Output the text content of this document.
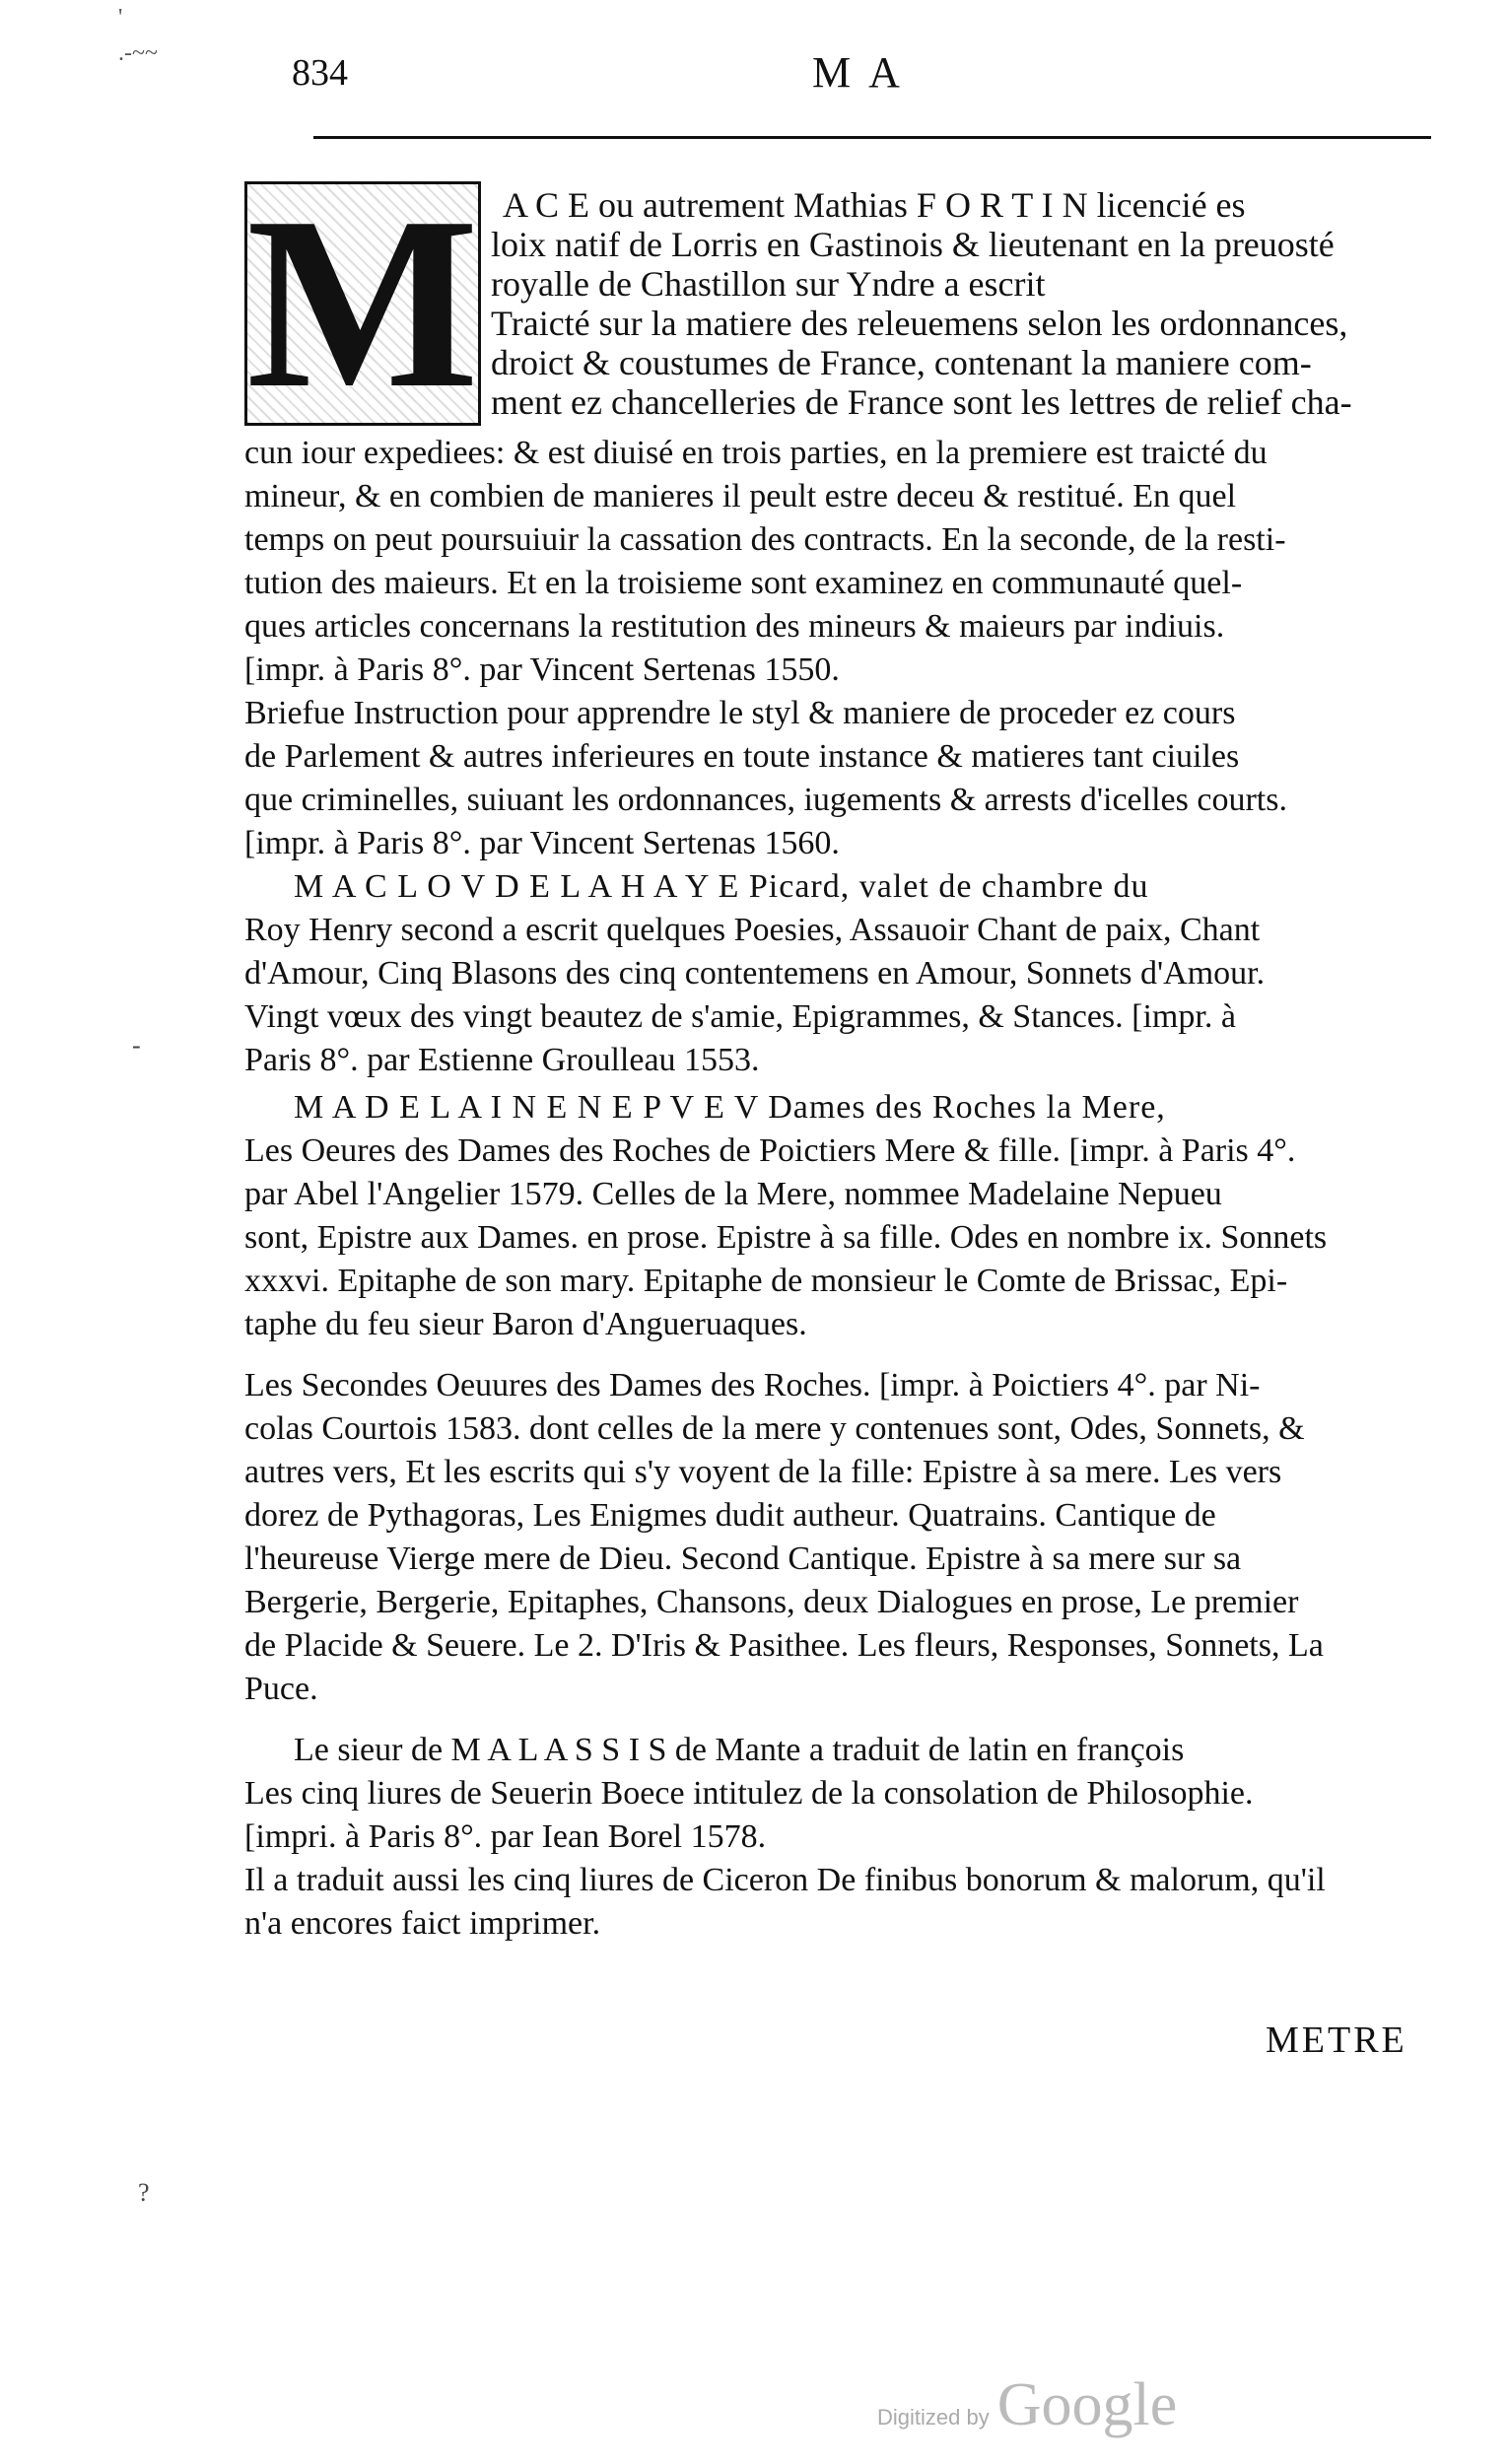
'
.-~~	834	MA
M A C E ou autrement Mathias F O R T I N licencié es
loix natif de Lorris en Gastinois & lieutenant en la preuosté
royalle de Chastillon sur Yndre a escrit
Traicté sur la matiere des releuemens selon les ordonnances,
droict & coustumes de France, contenant la maniere com-
ment ez chancelleries de France sont les lettres de relief cha-
cun iour expediees: & est diuisé en trois parties, en la premiere est traicté du
mineur, & en combien de manieres il peult estre deceu & restitué. En quel
temps on peut poursuiuir la cassation des contracts. En la seconde, de la resti-
tution des maieurs. Et en la troisieme sont examinez en communauté quel-
ques articles concernans la restitution des mineurs & maieurs par indiuis.
[impr. à Paris 8°. par Vincent Sertenas 1550.
Briefue Instruction pour apprendre le styl & maniere de proceder ez cours
de Parlement & autres inferieures en toute instance & matieres tant ciuiles
que criminelles, suiuant les ordonnances, iugements & arrests d'icelles courts.
[impr. à Paris 8°. par Vincent Sertenas 1560.
M A C L O V D E L A H A Y E Picard, valet de chambre du
Roy Henry second a escrit quelques Poesies, Assauoir Chant de paix, Chant
d'Amour, Cinq Blasons des cinq contentemens en Amour, Sonnets d'Amour.
Vingt vœux des vingt beautez de s'amie, Epigrammes, & Stances. [impr. à
Paris 8°. par Estienne Groulleau 1553.
M A D E L A I N E N E P V E V Dames des Roches la Mere,
Les Oeures des Dames des Roches de Poictiers Mere & fille. [impr. à Paris 4°.
par Abel l'Angelier 1579. Celles de la Mere, nommee Madelaine Nepueu
sont, Epistre aux Dames. en prose. Epistre à sa fille. Odes en nombre ix. Sonnets
xxxvi. Epitaphe de son mary. Epitaphe de monsieur le Comte de Brissac, Epi-
taphe du feu sieur Baron d'Angueruaques.
Les Secondes Oeuures des Dames des Roches. [impr. à Poictiers 4°. par Ni-
colas Courtois 1583. dont celles de la mere y contenues sont, Odes, Sonnets, &
autres vers, Et les escrits qui s'y voyent de la fille: Epistre à sa mere. Les vers
dorez de Pythagoras, Les Enigmes dudit autheur. Quatrains. Cantique de
l'heureuse Vierge mere de Dieu. Second Cantique. Epistre à sa mere sur sa
Bergerie, Bergerie, Epitaphes, Chansons, deux Dialogues en prose, Le premier
de Placide & Seuere. Le 2. D'Iris & Pasithee. Les fleurs, Responses, Sonnets, La
Puce.
Le sieur de M A L A S S I S de Mante a traduit de latin en françois
Les cinq liures de Seuerin Boece intitulez de la consolation de Philosophie.
[impri. à Paris 8°. par Iean Borel 1578.
Il a traduit aussi les cinq liures de Ciceron De finibus bonorum & malorum, qu'il
n'a encores faict imprimer.
METRE
-
?
Digitized by Google
